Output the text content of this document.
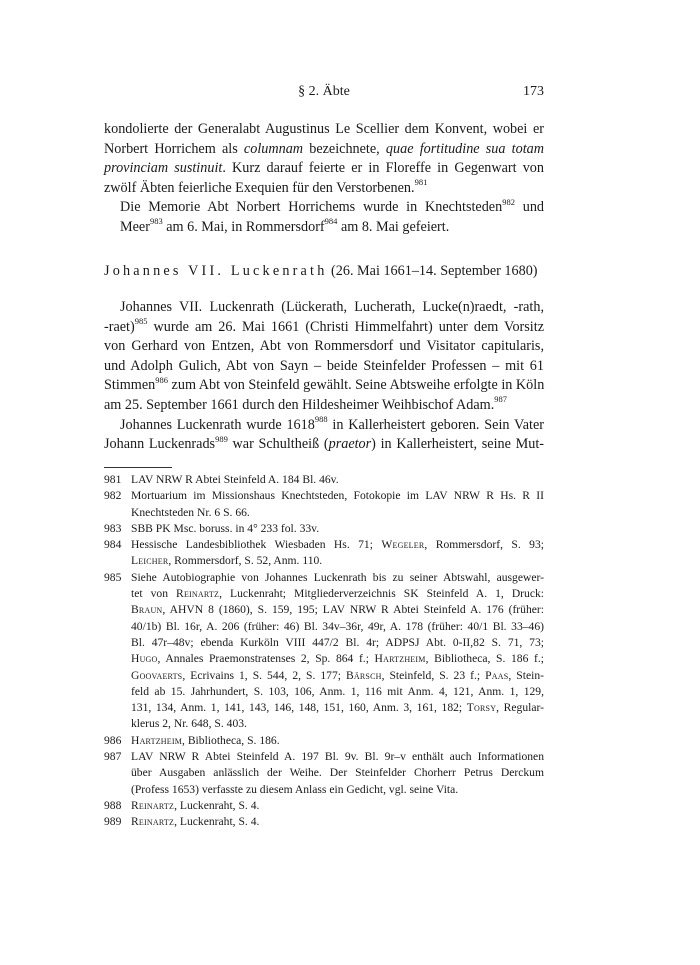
§ 2. Äbte	173

kondolierte der Generalabt Augustinus Le Scellier dem Konvent, wobei er
Norbert Horrichem als columnam bezeichnete, quae fortitudine sua totam
provinciam sustinuit. Kurz darauf feierte er in Floreffe in Gegenwart von
zwölf Äbten feierliche Exequien für den Verstorbenen.$^{981}$

Die Memorie Abt Norbert Horrichems wurde in Knechtsteden$^{982}$ und
Meer$^{983}$ am 6. Mai, in Rommersdorf$^{984}$ am 8. Mai gefeiert.

Johannes VII. Luckenrath (26. Mai 1661–14. September 1680)

Johannes VII. Luckenrath (Lückerath, Lucherath, Lucke(n)raedt, -rath,
-raet)$^{985}$ wurde am 26. Mai 1661 (Christi Himmelfahrt) unter dem Vorsitz
von Gerhard von Entzen, Abt von Rommersdorf und Visitator capitularis,
und Adolph Gulich, Abt von Sayn – beide Steinfelder Professen – mit 61
Stimmen$^{986}$ zum Abt von Steinfeld gewählt. Seine Abtsweihe erfolgte in Köln
am 25. September 1661 durch den Hildesheimer Weihbischof Adam.$^{987}$

Johannes Luckenrath wurde 1618$^{988}$ in Kallerheistert geboren. Sein Vater
Johann Luckenrads$^{989}$ war Schultheiß (praetor) in Kallerheistert, seine Mut-

981 LAV NRW R Abtei Steinfeld A. 184 Bl. 46v.
982 Mortuarium im Missionshaus Knechtsteden, Fotokopie im LAV NRW R Hs. R II
Knechtsteden Nr. 6 S. 66.
983 SBB PK Msc. boruss. in 4° 233 fol. 33v.
984 Hessische Landesbibliothek Wiesbaden Hs. 71; Wegeler, Rommersdorf, S. 93;
Leicher, Rommersdorf, S. 52, Anm. 110.
985 Siehe Autobiographie von Johannes Luckenrath bis zu seiner Abtswahl, ausgewer-
tet von Reinartz, Luckenraht; Mitgliederverzeichnis SK Steinfeld A. 1, Druck:
Braun, AHVN 8 (1860), S. 159, 195; LAV NRW R Abtei Steinfeld A. 176 (früher:
40/1b) Bl. 16r, A. 206 (früher: 46) Bl. 34v–36r, 49r, A. 178 (früher: 40/1 Bl. 33–46)
Bl. 47r–48v; ebenda Kurköln VIII 447/2 Bl. 4r; ADPSJ Abt. 0-II,82 S. 71, 73;
Hugo, Annales Praemonstratenses 2, Sp. 864 f.; Hartzheim, Bibliotheca, S. 186 f.;
Goovaerts, Ecrivains 1, S. 544, 2, S. 177; Bärsch, Steinfeld, S. 23 f.; Paas, Stein-
feld ab 15. Jahrhundert, S. 103, 106, Anm. 1, 116 mit Anm. 4, 121, Anm. 1, 129,
131, 134, Anm. 1, 141, 143, 146, 148, 151, 160, Anm. 3, 161, 182; Torsy, Regular-
klerus 2, Nr. 648, S. 403.
986 Hartzheim, Bibliotheca, S. 186.
987 LAV NRW R Abtei Steinfeld A. 197 Bl. 9v. Bl. 9r–v enthält auch Informationen
über Ausgaben anlässlich der Weihe. Der Steinfelder Chorherr Petrus Derckum
(Profess 1653) verfasste zu diesem Anlass ein Gedicht, vgl. seine Vita.
988 Reinartz, Luckenraht, S. 4.
989 Reinartz, Luckenraht, S. 4.
